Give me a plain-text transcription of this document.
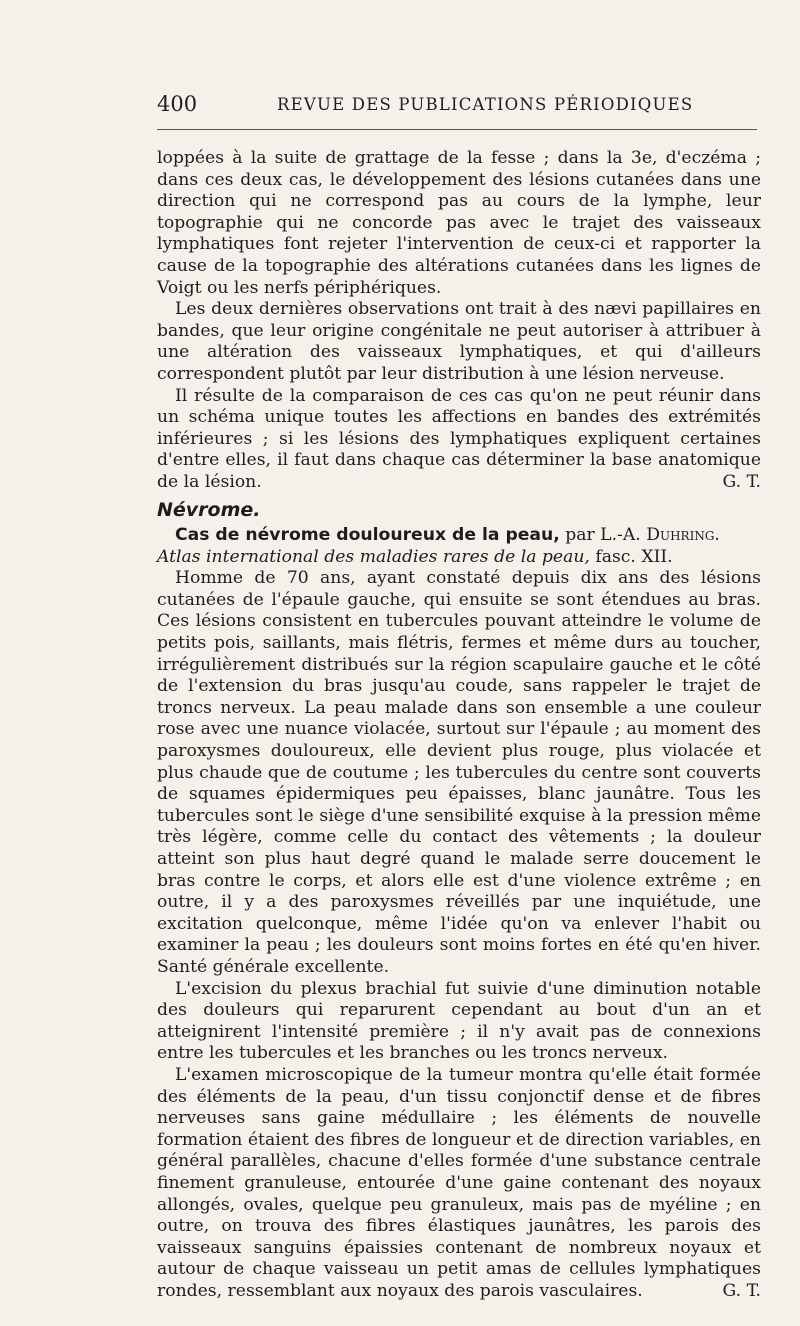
400	REVUE DES PUBLICATIONS PÉRIODIQUES

loppées à la suite de grattage de la fesse ; dans la 3e, d'eczéma ; dans ces deux cas, le développement des lésions cutanées dans une direction qui ne correspond pas au cours de la lymphe, leur topographie qui ne concorde pas avec le trajet des vaisseaux lymphatiques font rejeter l'intervention de ceux-ci et rapporter la cause de la topographie des altérations cutanées dans les lignes de Voigt ou les nerfs périphériques.

Les deux dernières observations ont trait à des nævi papillaires en bandes, que leur origine congénitale ne peut autoriser à attribuer à une altération des vaisseaux lymphatiques, et qui d'ailleurs correspondent plutôt par leur distribution à une lésion nerveuse.

Il résulte de la comparaison de ces cas qu'on ne peut réunir dans un schéma unique toutes les affections en bandes des extrémités inférieures ; si les lésions des lymphatiques expliquent certaines d'entre elles, il faut dans chaque cas déterminer la base anatomique de la lésion.	G. T.

Névrome.

Cas de névrome douloureux de la peau, par L.-A. Duhring.

Atlas international des maladies rares de la peau, fasc. XII.

Homme de 70 ans, ayant constaté depuis dix ans des lésions cutanées de l'épaule gauche, qui ensuite se sont étendues au bras. Ces lésions consistent en tubercules pouvant atteindre le volume de petits pois, saillants, mais flétris, fermes et même durs au toucher, irrégulièrement distribués sur la région scapulaire gauche et le côté de l'extension du bras jusqu'au coude, sans rappeler le trajet de troncs nerveux. La peau malade dans son ensemble a une couleur rose avec une nuance violacée, surtout sur l'épaule ; au moment des paroxysmes douloureux, elle devient plus rouge, plus violacée et plus chaude que de coutume ; les tubercules du centre sont couverts de squames épidermiques peu épaisses, blanc jaunâtre. Tous les tubercules sont le siège d'une sensibilité exquise à la pression même très légère, comme celle du contact des vêtements ; la douleur atteint son plus haut degré quand le malade serre doucement le bras contre le corps, et alors elle est d'une violence extrême ; en outre, il y a des paroxysmes réveillés par une inquiétude, une excitation quelconque, même l'idée qu'on va enlever l'habit ou examiner la peau ; les douleurs sont moins fortes en été qu'en hiver. Santé générale excellente.

L'excision du plexus brachial fut suivie d'une diminution notable des douleurs qui reparurent cependant au bout d'un an et atteignirent l'intensité première ; il n'y avait pas de connexions entre les tubercules et les branches ou les troncs nerveux.

L'examen microscopique de la tumeur montra qu'elle était formée des éléments de la peau, d'un tissu conjonctif dense et de fibres nerveuses sans gaine médullaire ; les éléments de nouvelle formation étaient des fibres de longueur et de direction variables, en général parallèles, chacune d'elles formée d'une substance centrale finement granuleuse, entourée d'une gaine contenant des noyaux allongés, ovales, quelque peu granuleux, mais pas de myéline ; en outre, on trouva des fibres élastiques jaunâtres, les parois des vaisseaux sanguins épaissies contenant de nombreux noyaux et autour de chaque vaisseau un petit amas de cellules lymphatiques rondes, ressemblant aux noyaux des parois vasculaires.	G. T.
